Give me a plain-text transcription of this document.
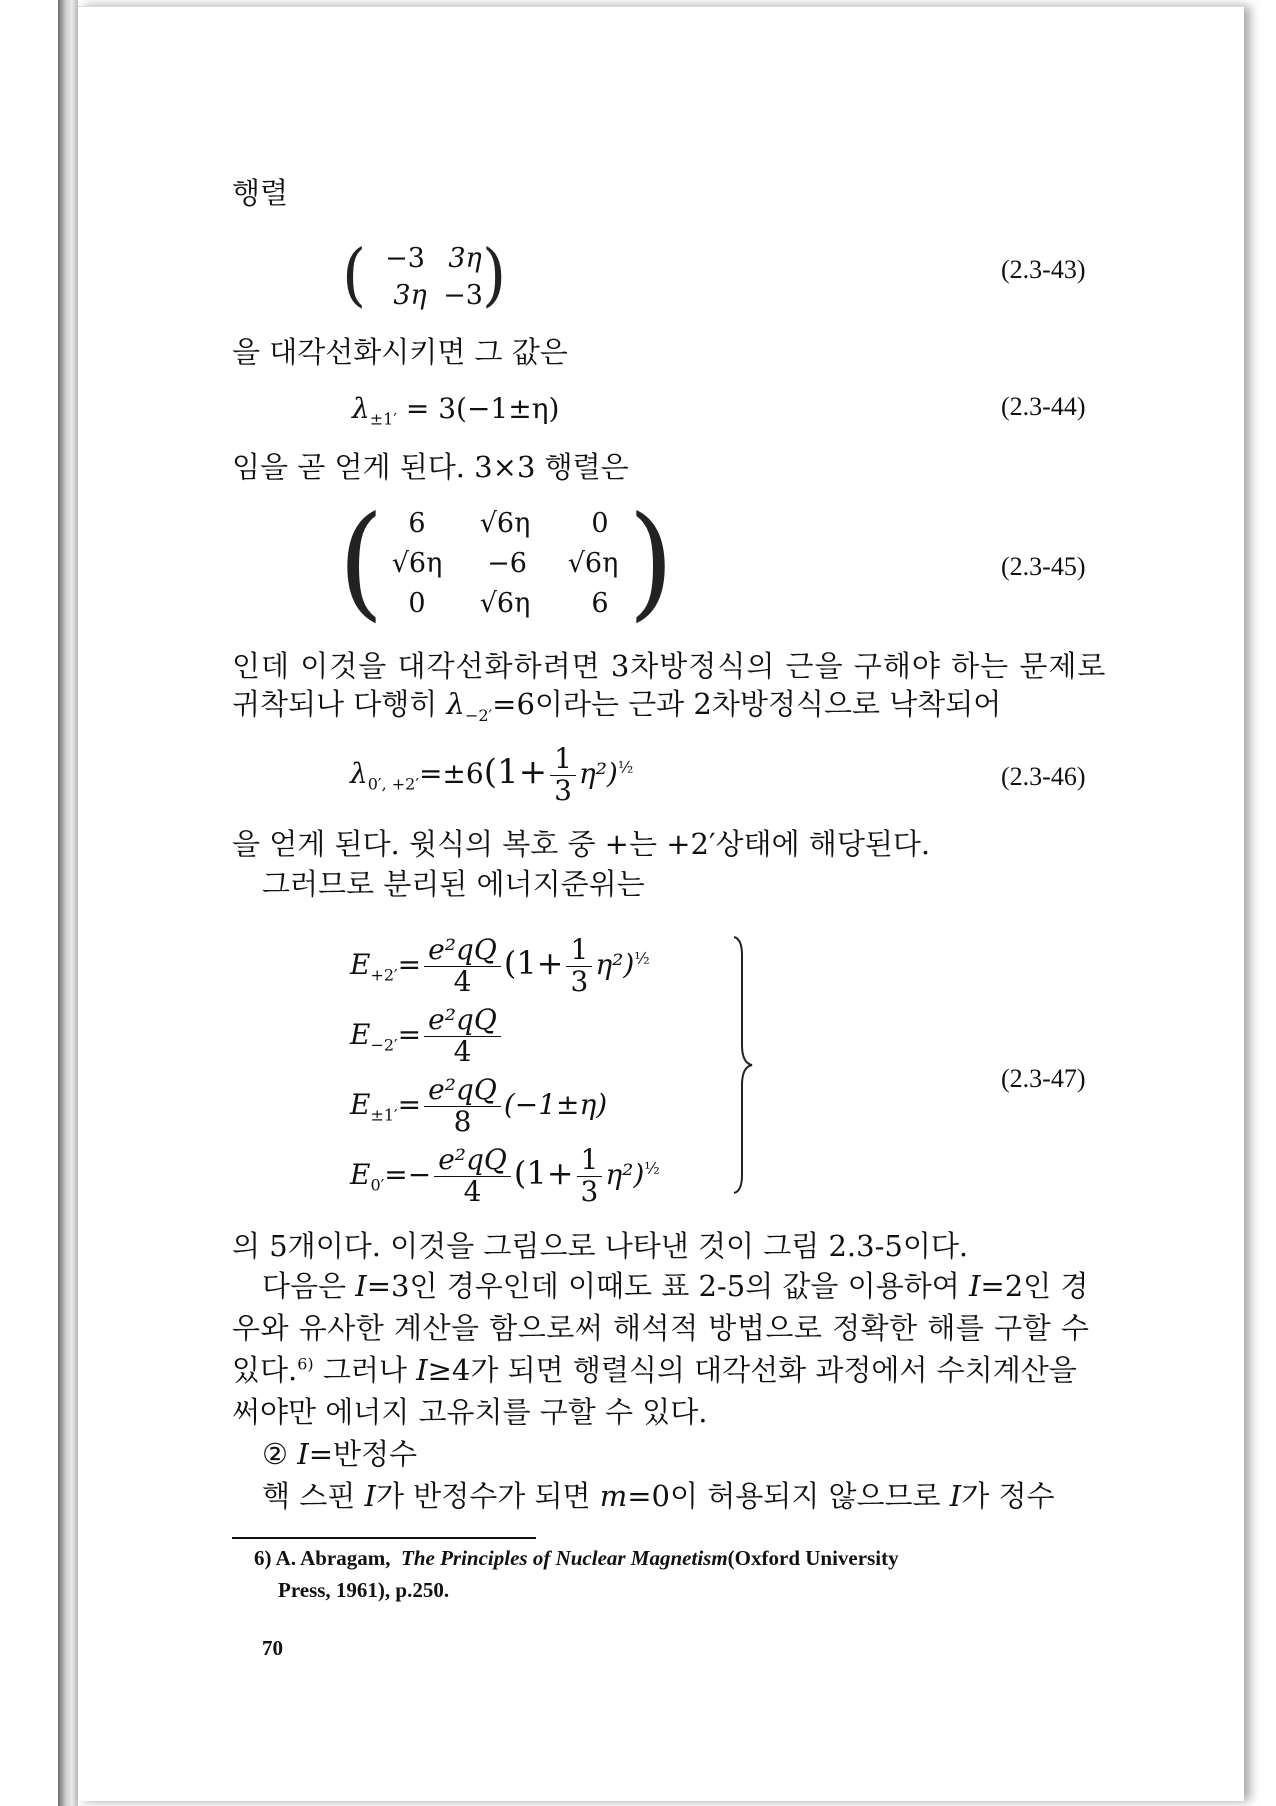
행렬
( )
−3 3η
3η −3
(2.3-43)
을 대각선화시키면 그 값은
$\lambda_{\pm 1'} = 3(-1\pm\eta)$	(2.3-44)
임을 곧 얻게 된다. 3×3 행렬은
( )
6	√6η	0
√6η	−6	√6η
0	√6η	6
(2.3-45)
인데 이것을 대각선화하려면 3차방정식의 근을 구해야 하는 문제로
귀착되나 다행히 $\lambda_{-2'}=6$이라는 근과 2차방정식으로 낙착되어
$\lambda_{0', +2'}=\pm 6(1+ \frac{1}{3} \eta^2)^{\frac{1}{2}}$	(2.3-46)
을 얻게 된다. 윗식의 복호 중 +는 +2′상태에 해당된다.
그러므로 분리된 에너지준위는
$E_{+2'}= \frac{\text{e²qQ}}{4} (1+ \frac{1}{3} \eta^2)^{\frac{1}{2}}$
$E_{-2'}= \frac{\text{e²qQ}}{4}$
$E_{\pm 1'}= \frac{\text{e²qQ}}{8} (-1\pm\eta)$
$E_{0'}=- \frac{\text{e²qQ}}{4} (1+ \frac{1}{3} \eta^2)^{\frac{1}{2}}$
(2.3-47)
의 5개이다. 이것을 그림으로 나타낸 것이 그림 2.3-5이다.
다음은 I=3인 경우인데 이때도 표 2-5의 값을 이용하여 I=2인 경
우와 유사한 계산을 함으로써 해석적 방법으로 정확한 해를 구할 수
있다.$^{6)}$ 그러나 I≥4가 되면 행렬식의 대각선화 과정에서 수치계산을
써야만 에너지 고유치를 구할 수 있다.
② I=반정수
핵 스핀 I가 반정수가 되면 m=0이 허용되지 않으므로 I가 정수
6) A. Abragam, The Principles of Nuclear Magnetism(Oxford University
Press, 1961), p.250.
70
